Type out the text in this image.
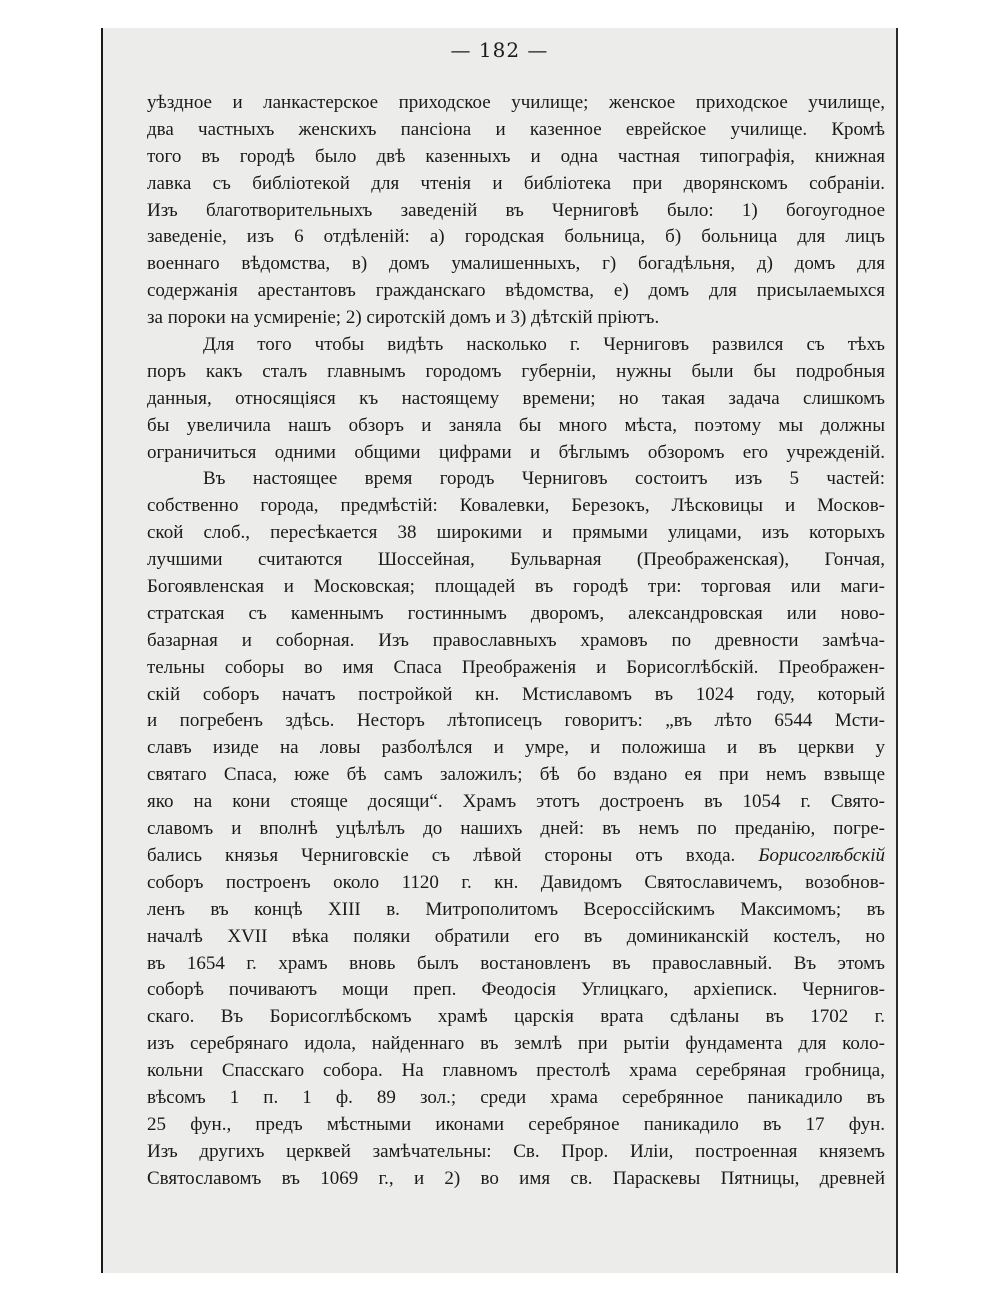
— 182 —
уѣздное и ланкастерское приходское училище; женское приходское училище,
два частныхъ женскихъ пансіона и казенное еврейское училище. Кромѣ
того въ городѣ было двѣ казенныхъ и одна частная типографія, книжная
лавка съ библіотекой для чтенія и библіотека при дворянскомъ собраніи.
Изъ благотворительныхъ заведеній въ Черниговѣ было: 1) богоугодное
заведеніе, изъ 6 отдѣленій: а) городская больница, б) больница для лицъ
военнаго вѣдомства, в) домъ умалишенныхъ, г) богадѣльня, д) домъ для
содержанія арестантовъ гражданскаго вѣдомства, е) домъ для присылаемыхся
за пороки на усмиреніе; 2) сиротскій домъ и 3) дѣтскій пріютъ.
Для того чтобы видѣть насколько г. Черниговъ развился съ тѣхъ
поръ какъ сталъ главнымъ городомъ губерніи, нужны были бы подробныя
данныя, относящіяся къ настоящему времени; но такая задача слишкомъ
бы увеличила нашъ обзоръ и заняла бы много мѣста, поэтому мы должны
ограничиться одними общими цифрами и бѣглымъ обзоромъ его учрежденій.
Въ настоящее время городъ Черниговъ состоитъ изъ 5 частей:
собственно города, предмѣстій: Ковалевки, Березокъ, Лѣсковицы и Москов-
ской слоб., пересѣкается 38 широкими и прямыми улицами, изъ которыхъ
лучшими считаются Шоссейная, Бульварная (Преображенская), Гончая,
Богоявленская и Московская; площадей въ городѣ три: торговая или маги-
стратская съ каменнымъ гостиннымъ дворомъ, александровская или ново-
базарная и соборная. Изъ православныхъ храмовъ по древности замѣча-
тельны соборы во имя Спаса Преображенія и Борисоглѣбскій. Преображен-
скій соборъ начатъ постройкой кн. Мстиславомъ въ 1024 году, который
и погребенъ здѣсь. Несторъ лѣтописецъ говоритъ: „въ лѣто 6544 Мсти-
славъ изиде на ловы разболѣлся и умре, и положиша и въ церкви у
святаго Спаса, юже бѣ самъ заложилъ; бѣ бо вздано ея при немъ взвыще
яко на кони стояще досящи“. Храмъ этотъ достроенъ въ 1054 г. Свято-
славомъ и вполнѣ уцѣлѣлъ до нашихъ дней: въ немъ по преданію, погре-
бались князья Черниговскіе съ лѣвой стороны отъ входа. Борисоглѣбскій
соборъ построенъ около 1120 г. кн. Давидомъ Святославичемъ, возобнов-
ленъ въ концѣ XIII в. Митрополитомъ Всероссійскимъ Максимомъ; въ
началѣ XVII вѣка поляки обратили его въ доминиканскій костелъ, но
въ 1654 г. храмъ вновь былъ востановленъ въ православный. Въ этомъ
соборѣ почиваютъ мощи преп. Феодосія Углицкаго, архіеписк. Чернигов-
скаго. Въ Борисоглѣбскомъ храмѣ царскія врата сдѣланы въ 1702 г.
изъ серебрянаго идола, найденнаго въ землѣ при рытіи фундамента для коло-
кольни Спасскаго собора. На главномъ престолѣ храма серебряная гробница,
вѣсомъ 1 п. 1 ф. 89 зол.; среди храма серебрянное паникадило въ
25 фун., предъ мѣстными иконами серебряное паникадило въ 17 фун.
Изъ другихъ церквей замѣчательны: Св. Прор. Иліи, построенная княземъ
Святославомъ въ 1069 г., и 2) во имя св. Параскевы Пятницы, древней
